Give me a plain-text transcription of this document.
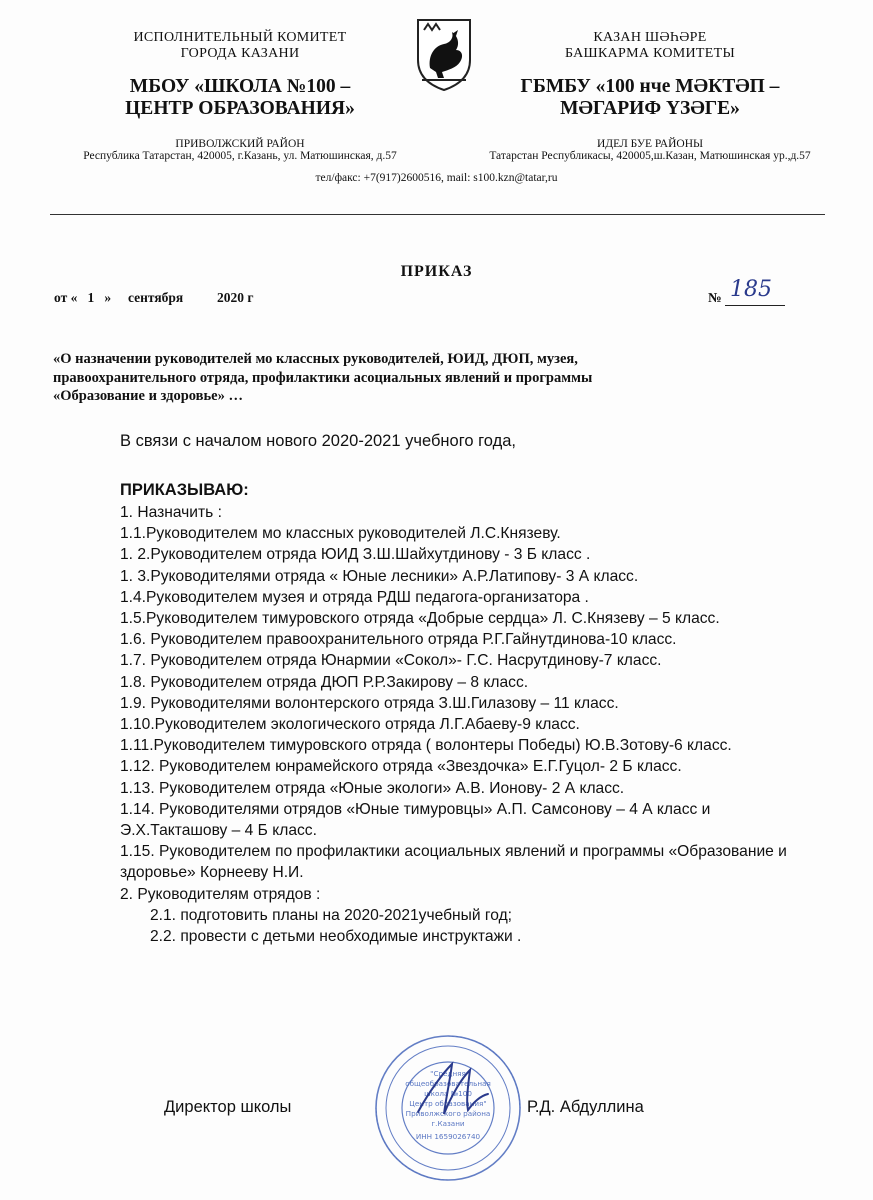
ИСПОЛНИТЕЛЬНЫЙ КОМИТЕТ
ГОРОДА КАЗАНИ
МБОУ «ШКОЛА №100 –
ЦЕНТР ОБРАЗОВАНИЯ»
ПРИВОЛЖСКИЙ РАЙОН
Республика Татарстан, 420005, г.Казань, ул. Матюшинская, д.57
КАЗАН ШӘҺӘРЕ
БАШКАРМА КОМИТЕТЫ
ГБМБУ «100 нче МӘКТӘП –
МӘГАРИФ ҮЗӘГЕ»
ИДЕЛ БУЕ РАЙОНЫ
Татарстан Республикасы, 420005,ш.Казан, Матюшинская ур.,д.57
тел/факс: +7(917)2600516, mail: s100.kzn@tatar,ru
ПРИКАЗ
от «   1   »     сентября          2020 г	№ 185
«О назначении руководителей мо классных руководителей, ЮИД, ДЮП, музея,
правоохранительного отряда, профилактики асоциальных явлений и программы
«Образование и здоровье» …
В связи с началом нового 2020-2021 учебного года,
ПРИКАЗЫВАЮ:
1. Назначить :
1.1.Руководителем мо классных руководителей Л.С.Князеву.
1. 2.Руководителем отряда ЮИД З.Ш.Шайхутдинову - 3 Б класс .
1. 3.Руководителями отряда « Юные лесники» А.Р.Латипову- 3 А класс.
1.4.Руководителем музея и отряда РДШ педагога-организатора .
1.5.Руководителем тимуровского отряда «Добрые сердца» Л. С.Князеву – 5 класс.
1.6. Руководителем правоохранительного отряда Р.Г.Гайнутдинова-10 класс.
1.7. Руководителем отряда Юнармии «Сокол»- Г.С. Насрутдинову-7 класс.
1.8. Руководителем отряда ДЮП Р.Р.Закирову – 8 класс.
1.9. Руководителями волонтерского отряда З.Ш.Гилазову – 11 класс.
1.10.Руководителем экологического отряда Л.Г.Абаеву-9 класс.
1.11.Руководителем тимуровского отряда ( волонтеры Победы) Ю.В.Зотову-6 класс.
1.12. Руководителем юнрамейского отряда «Звездочка» Е.Г.Гуцол- 2 Б класс.
1.13. Руководителем отряда «Юные экологи» А.В. Ионову- 2 А класс.
1.14. Руководителями отрядов «Юные тимуровцы» А.П. Самсонову – 4 А класс и Э.Х.Такташову – 4 Б класс.
1.15. Руководителем по профилактики асоциальных явлений и программы «Образование и здоровье» Корнееву Н.И.
2. Руководителям отрядов :
2.1. подготовить планы на 2020-2021учебный год;
2.2. провести с детьми необходимые инструктажи .
"Средняя
общеобразовательная
школа №100
Центр образования"
Приволжского района
г.Казани
ИНН 1659026740
Директор школы	Р.Д. Абдуллина
